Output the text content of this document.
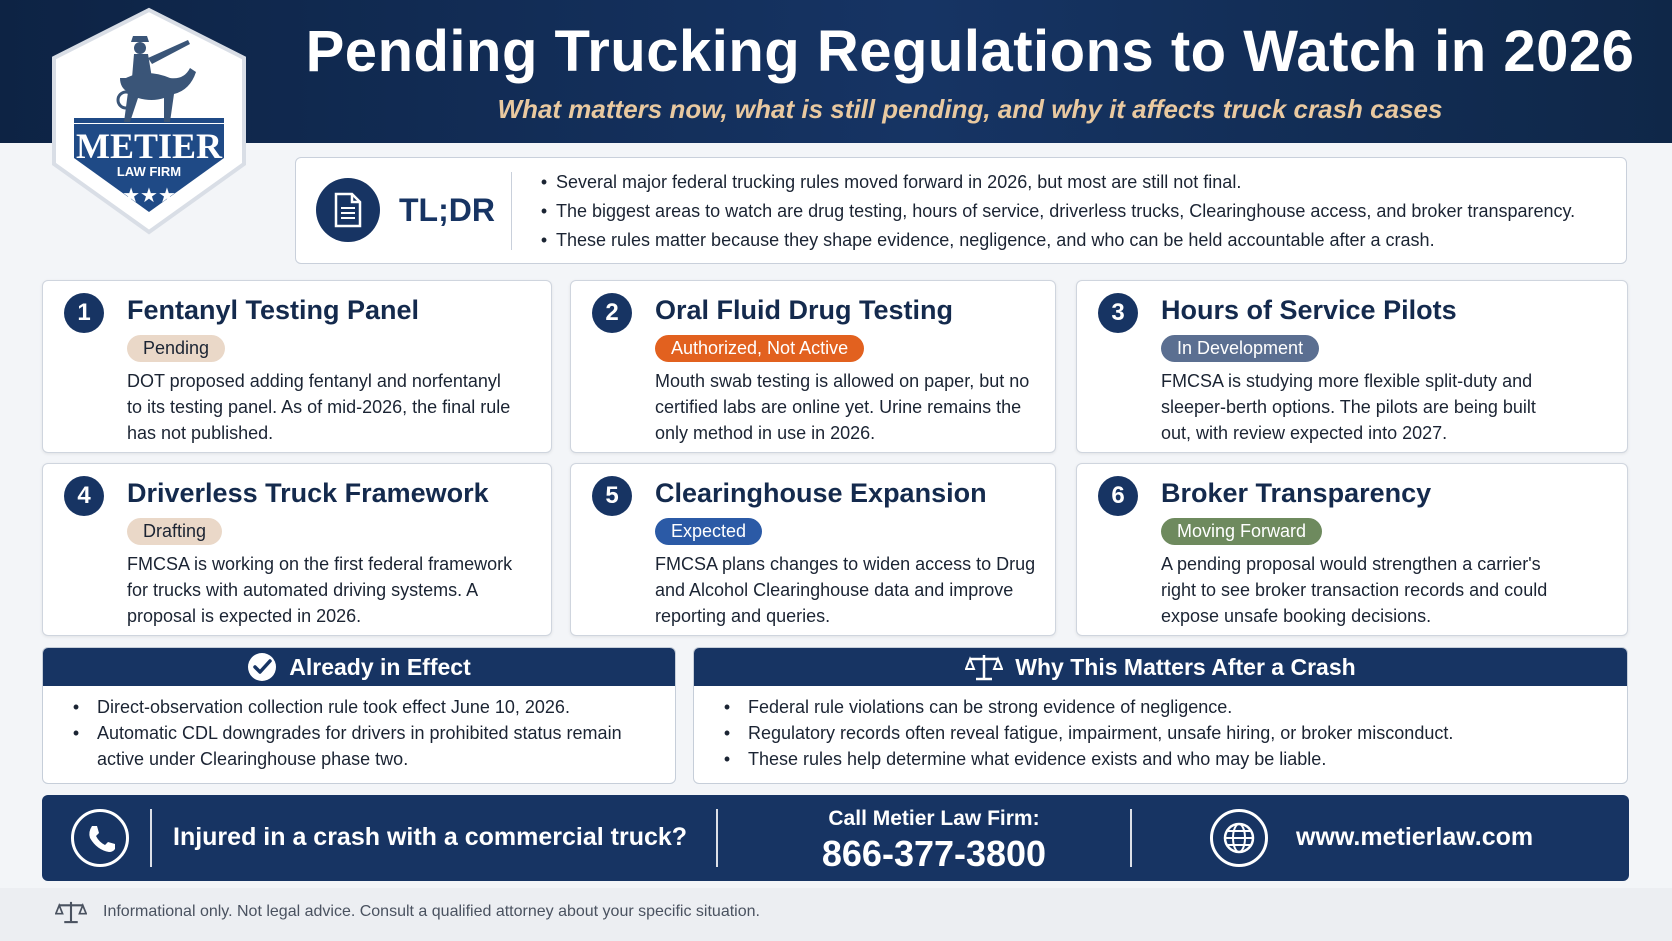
Pending Trucking Regulations to Watch in 2026
What matters now, what is still pending, and why it affects truck crash cases
METIER
LAW FIRM
★★★	TL;DR
• Several major federal trucking rules moved forward in 2026, but most are still not final.
• The biggest areas to watch are drug testing, hours of service, driverless trucks, Clearinghouse access, and broker transparency.
• These rules matter because they shape evidence, negligence, and who can be held accountable after a crash.
1	Fentanyl Testing Panel
Pending
DOT proposed adding fentanyl and norfentanyl to its testing panel. As of mid-2026, the final rule has not published.
2	Oral Fluid Drug Testing
Authorized, Not Active
Mouth swab testing is allowed on paper, but no certified labs are online yet. Urine remains the only method in use in 2026.
3	Hours of Service Pilots
In Development
FMCSA is studying more flexible split-duty and sleeper-berth options. The pilots are being built out, with review expected into 2027.
4	Driverless Truck Framework
Drafting
FMCSA is working on the first federal framework for trucks with automated driving systems. A proposal is expected in 2026.
5	Clearinghouse Expansion
Expected
FMCSA plans changes to widen access to Drug and Alcohol Clearinghouse data and improve reporting and queries.
6	Broker Transparency
Moving Forward
A pending proposal would strengthen a carrier's right to see broker transaction records and could expose unsafe booking decisions.
Already in Effect
• Direct-observation collection rule took effect June 10, 2026.
• Automatic CDL downgrades for drivers in prohibited status remain active under Clearinghouse phase two.
Why This Matters After a Crash
• Federal rule violations can be strong evidence of negligence.
• Regulatory records often reveal fatigue, impairment, unsafe hiring, or broker misconduct.
• These rules help determine what evidence exists and who may be liable.
Injured in a crash with a commercial truck?
Call Metier Law Firm:
866-377-3800	www.metierlaw.com
Informational only. Not legal advice. Consult a qualified attorney about your specific situation.
